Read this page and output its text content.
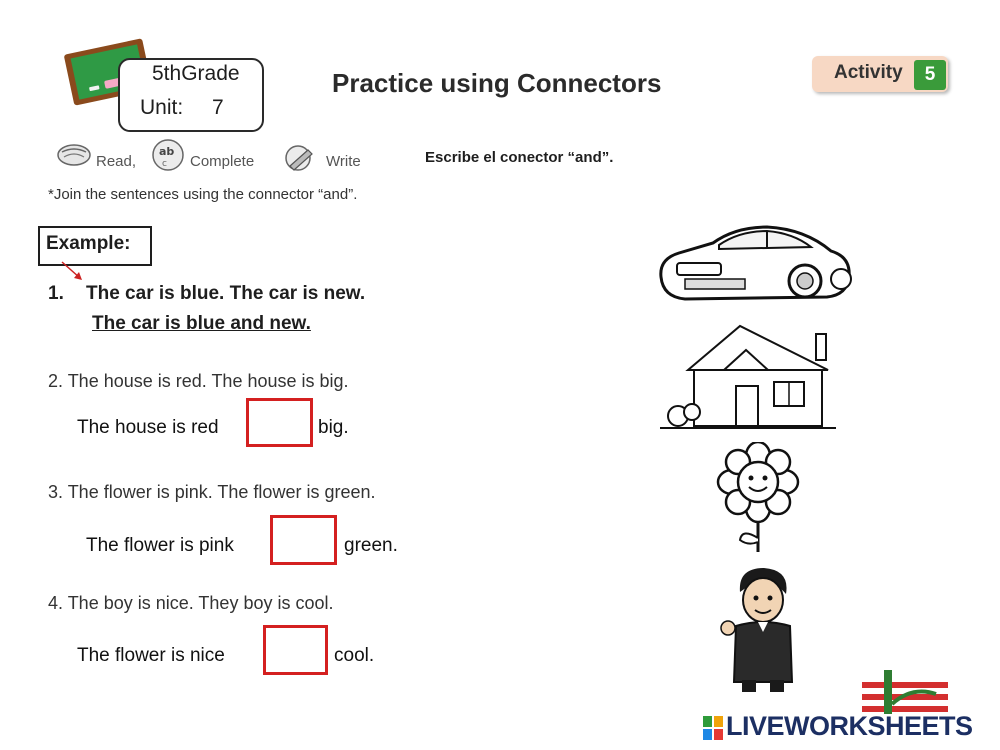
5thGrade
Unit: 7
Practice using Connectors	Activity	5
Read,
ab
c Complete	Write	Escribe el conector “and”.
*Join the sentences using the connector “and”.
Example:
1. The car is blue. The car is new.
The car is blue and new.
2. The house is red. The house is big.
The house is red	big.
3. The flower is pink. The flower is green.
The flower is pink	green.
4. The boy is nice. They boy is cool.
The flower is nice	cool.
LIVEWORKSHEETS
